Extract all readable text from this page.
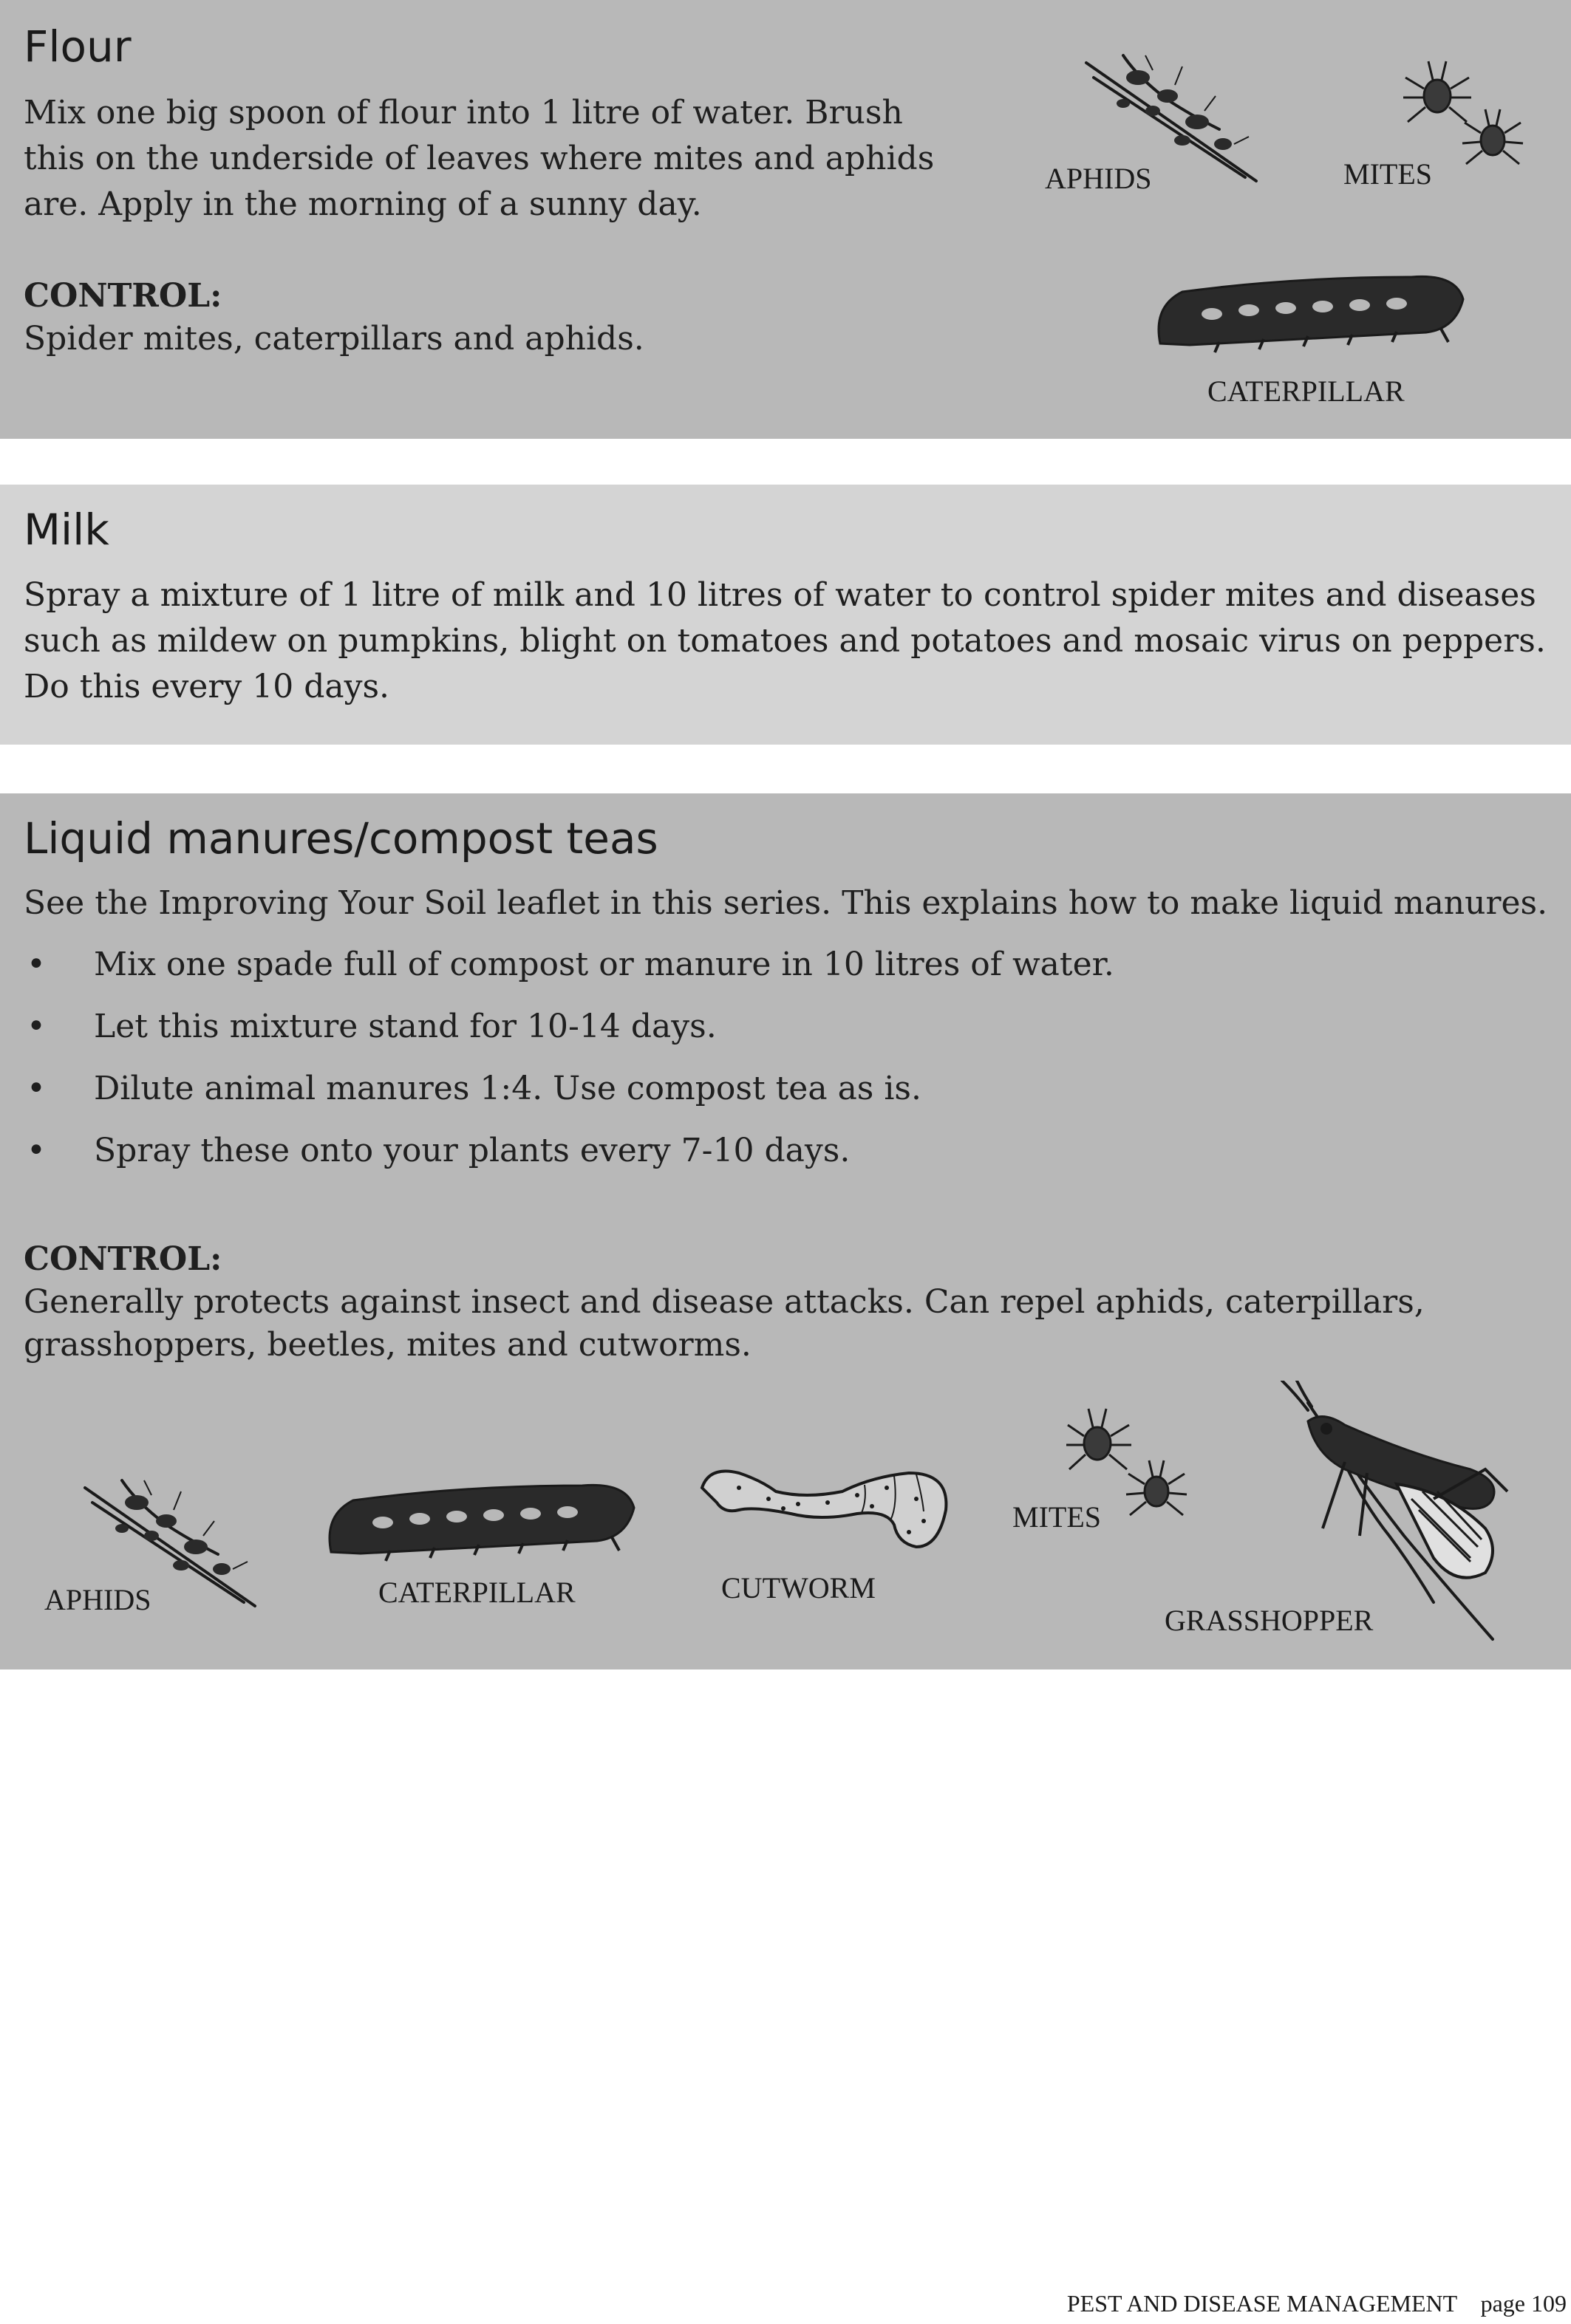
Flour
Mix one big spoon of flour into 1 litre of water. Brush
this on the underside of leaves where mites and aphids
are. Apply in the morning of a sunny day.
CONTROL:
Spider mites, caterpillars and aphids.
APHIDS	MITES
CATERPILLAR
Milk
Spray a mixture of 1 litre of milk and 10 litres of water to control spider mites and diseases
such as mildew on pumpkins, blight on tomatoes and potatoes and mosaic virus on peppers.
Do this every 10 days.
Liquid manures/compost teas
See the Improving Your Soil leaflet in this series. This explains how to make liquid manures.
• Mix one spade full of compost or manure in 10 litres of water.
• Let this mixture stand for 10-14 days.
• Dilute animal manures 1:4. Use compost tea as is.
• Spray these onto your plants every 7-10 days.
CONTROL:
Generally protects against insect and disease attacks. Can repel aphids, caterpillars,
grasshoppers, beetles, mites and cutworms.
APHIDS	CATERPILLAR	CUTWORM
MITES
GRASSHOPPER
PEST AND DISEASE MANAGEMENT page 109
